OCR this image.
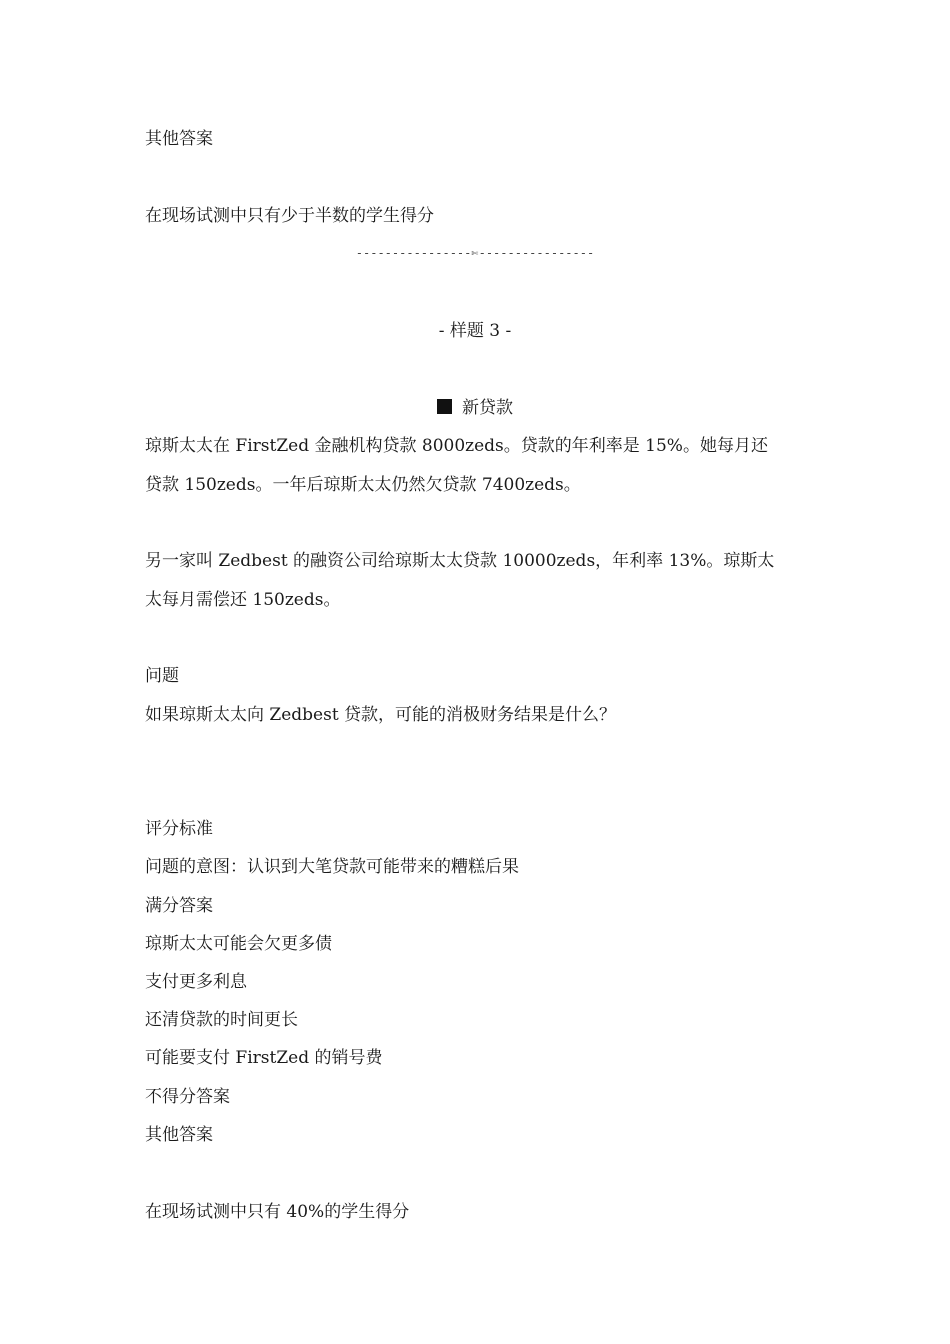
其他答案
在现场试测中只有少于半数的学生得分
----------------✄----------------
- 样题 3 -
新贷款
琼斯太太在 FirstZed 金融机构贷款 8000zeds。贷款的年利率是 15%。她每月还
贷款 150zeds。一年后琼斯太太仍然欠贷款 7400zeds。
另一家叫 Zedbest 的融资公司给琼斯太太贷款 10000zeds，年利率 13%。琼斯太
太每月需偿还 150zeds。
问题
如果琼斯太太向 Zedbest 贷款，可能的消极财务结果是什么？
评分标准
问题的意图：认识到大笔贷款可能带来的糟糕后果
满分答案
琼斯太太可能会欠更多债
支付更多利息
还清贷款的时间更长
可能要支付 FirstZed 的销号费
不得分答案
其他答案
在现场试测中只有 40%的学生得分
